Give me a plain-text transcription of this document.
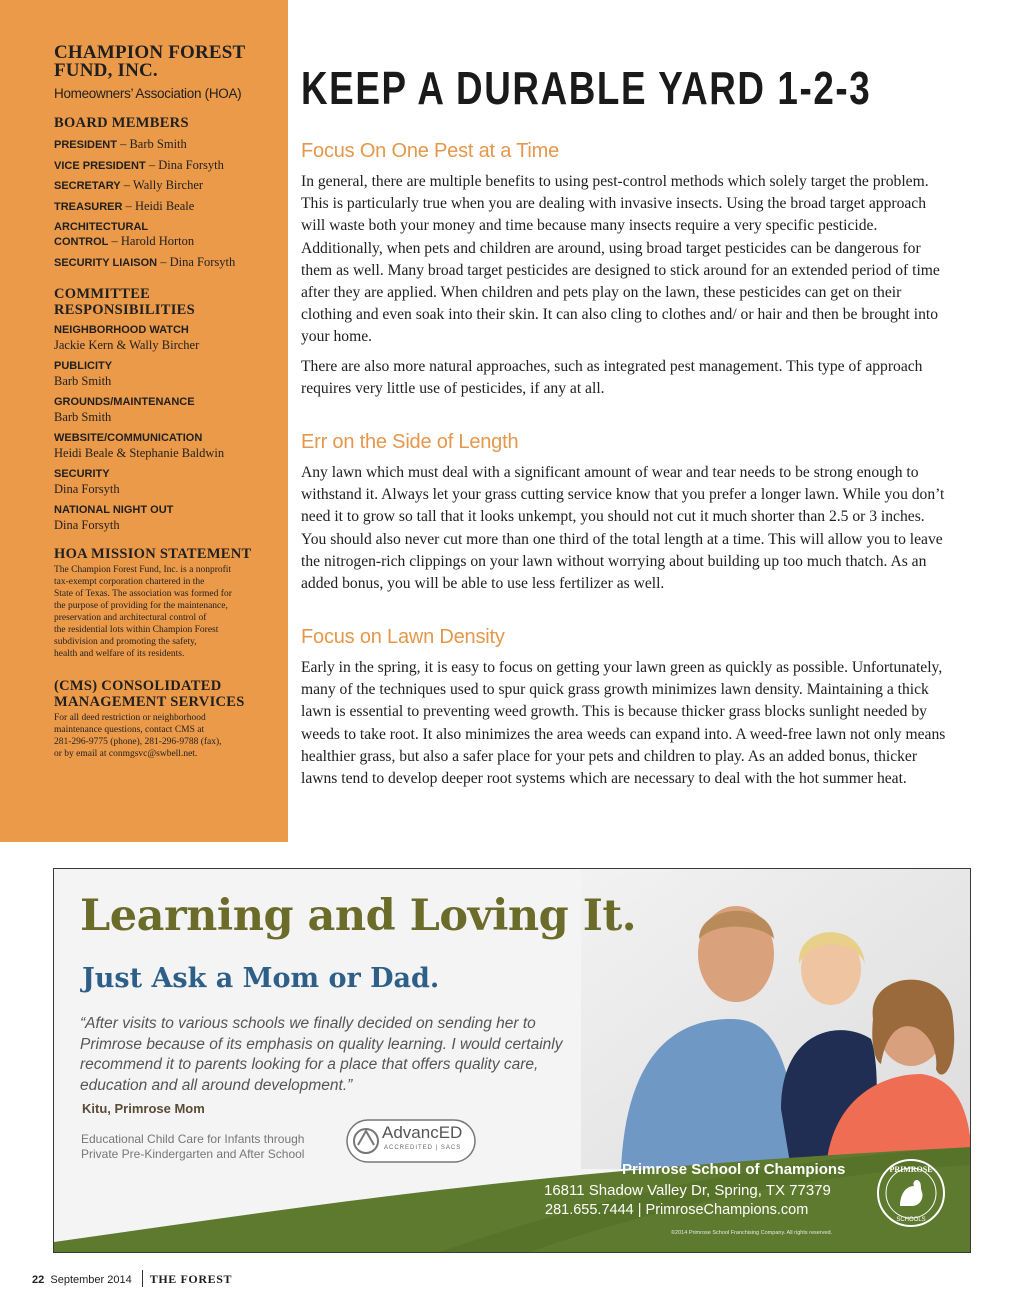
CHAMPION FOREST
FUND, INC.

Homeowners’ Association (HOA)

BOARD MEMBERS

PRESIDENT – Barb Smith
VICE PRESIDENT – Dina Forsyth
SECRETARY – Wally Bircher
TREASURER – Heidi Beale
ARCHITECTURAL
CONTROL – Harold Horton
SECURITY LIAISON – Dina Forsyth

COMMITTEE
RESPONSIBILITIES

NEIGHBORHOOD WATCH
Jackie Kern & Wally Bircher
PUBLICITY
Barb Smith
GROUNDS/MAINTENANCE
Barb Smith
WEBSITE/COMMUNICATION
Heidi Beale & Stephanie Baldwin
SECURITY
Dina Forsyth
NATIONAL NIGHT OUT
Dina Forsyth

HOA MISSION STATEMENT

The Champion Forest Fund, Inc. is a nonprofit
tax-exempt corporation chartered in the
State of Texas. The association was formed for
the purpose of providing for the maintenance,
preservation and architectural control of
the residential lots within Champion Forest
subdivision and promoting the safety,
health and welfare of its residents.

(CMS) CONSOLIDATED
MANAGEMENT SERVICES

For all deed restriction or neighborhood
maintenance questions, contact CMS at
281-296-9775 (phone), 281-296-9788 (fax),
or by email at conmgsvc@swbell.net.

KEEP A DURABLE YARD 1-2-3
Focus On One Pest at a Time

In general, there are multiple benefits to using pest-control methods which solely target the problem. This is particularly true when you are dealing with invasive insects. Using the broad target approach will waste both your money and time because many insects require a very specific pesticide. Additionally, when pets and children are around, using broad target pesticides can be dangerous for them as well. Many broad target pesticides are designed to stick around for an extended period of time after they are applied. When children and pets play on the lawn, these pesticides can get on their clothing and even soak into their skin. It can also cling to clothes and/ or hair and then be brought into your home.

There are also more natural approaches, such as integrated pest management. This type of approach requires very little use of pesticides, if any at all.

Err on the Side of Length

Any lawn which must deal with a significant amount of wear and tear needs to be strong enough to withstand it. Always let your grass cutting service know that you prefer a longer lawn. While you don’t need it to grow so tall that it looks unkempt, you should not cut it much shorter than 2.5 or 3 inches. You should also never cut more than one third of the total length at a time. This will allow you to leave the nitrogen-rich clippings on your lawn without worrying about building up too much thatch. As an added bonus, you will be able to use less fertilizer as well.

Focus on Lawn Density

Early in the spring, it is easy to focus on getting your lawn green as quickly as possible. Unfortunately, many of the techniques used to spur quick grass growth minimizes lawn density. Maintaining a thick lawn is essential to preventing weed growth. This is because thicker grass blocks sunlight needed by weeds to take root. It also minimizes the area weeds can expand into. A weed-free lawn not only means healthier grass, but also a safer place for your pets and children to play. As an added bonus, thicker lawns tend to develop deeper root systems which are necessary to deal with the hot summer heat.

Learning and Loving It.

Just Ask a Mom or Dad.

“After visits to various schools we finally decided on sending her to
Primrose because of its emphasis on quality learning. I would certainly
recommend it to parents looking for a place that offers quality care,
education and all around development.”

Kitu, Primrose Mom
Educational Child Care for Infants through
Private Pre-Kindergarten and After School
AdvancED
ACCREDITED | SACS
Primrose School of Champions
16811 Shadow Valley Dr, Spring, TX 77379
281.655.7444 | PrimroseChampions.com
©2014 Primrose School Franchising Company. All rights reserved.
PRIMROSE
SCHOOLS
22 September 2014 THE FOREST
